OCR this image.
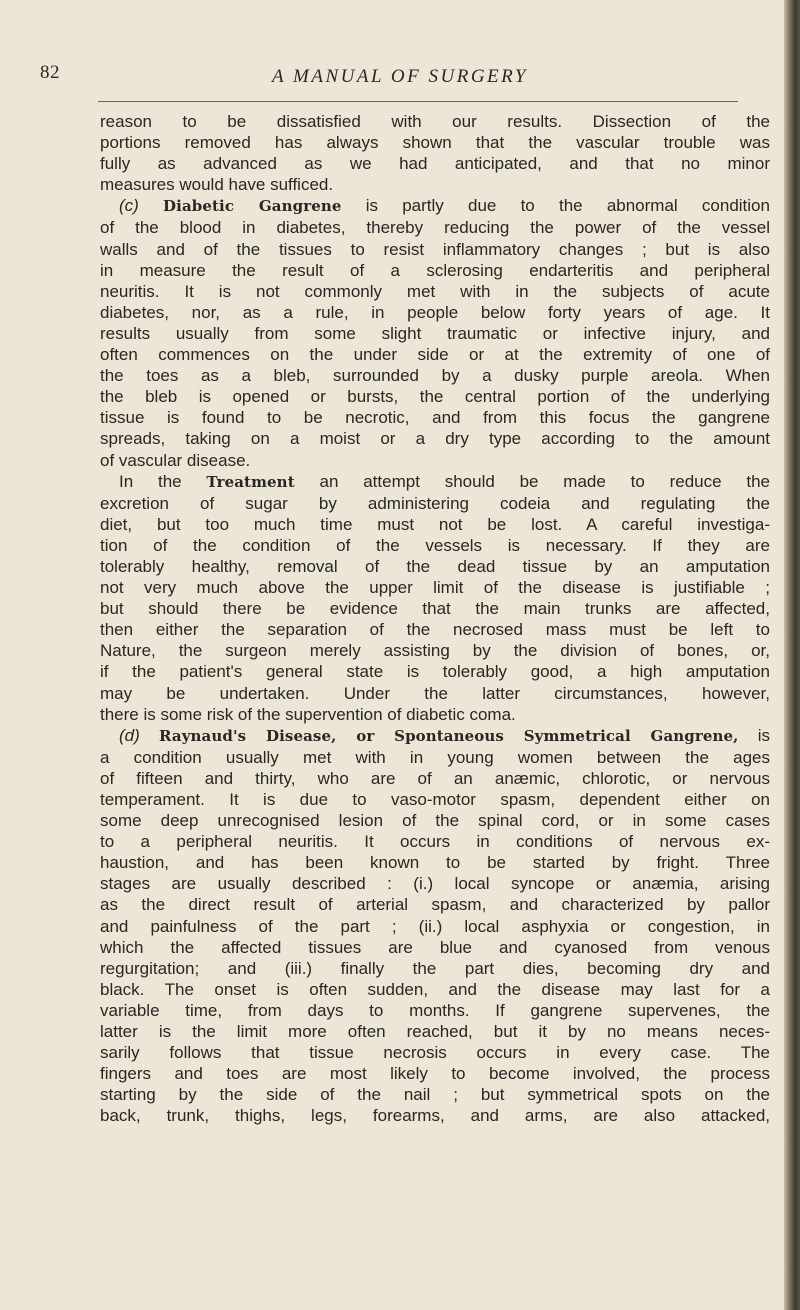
82	A MANUAL OF SURGERY
reason to be dissatisfied with our results. Dissection of the
portions removed has always shown that the vascular trouble was
fully as advanced as we had anticipated, and that no minor
measures would have sufficed.
(c) Diabetic Gangrene is partly due to the abnormal condition
of the blood in diabetes, thereby reducing the power of the vessel
walls and of the tissues to resist inflammatory changes ; but is also
in measure the result of a sclerosing endarteritis and peripheral
neuritis. It is not commonly met with in the subjects of acute
diabetes, nor, as a rule, in people below forty years of age. It
results usually from some slight traumatic or infective injury, and
often commences on the under side or at the extremity of one of
the toes as a bleb, surrounded by a dusky purple areola. When
the bleb is opened or bursts, the central portion of the underlying
tissue is found to be necrotic, and from this focus the gangrene
spreads, taking on a moist or a dry type according to the amount
of vascular disease.
In the Treatment an attempt should be made to reduce the
excretion of sugar by administering codeia and regulating the
diet, but too much time must not be lost. A careful investiga-
tion of the condition of the vessels is necessary. If they are
tolerably healthy, removal of the dead tissue by an amputation
not very much above the upper limit of the disease is justifiable ;
but should there be evidence that the main trunks are affected,
then either the separation of the necrosed mass must be left to
Nature, the surgeon merely assisting by the division of bones, or,
if the patient's general state is tolerably good, a high amputation
may be undertaken. Under the latter circumstances, however,
there is some risk of the supervention of diabetic coma.
(d) Raynaud's Disease, or Spontaneous Symmetrical Gangrene, is
a condition usually met with in young women between the ages
of fifteen and thirty, who are of an anæmic, chlorotic, or nervous
temperament. It is due to vaso-motor spasm, dependent either on
some deep unrecognised lesion of the spinal cord, or in some cases
to a peripheral neuritis. It occurs in conditions of nervous ex-
haustion, and has been known to be started by fright. Three
stages are usually described : (i.) local syncope or anæmia, arising
as the direct result of arterial spasm, and characterized by pallor
and painfulness of the part ; (ii.) local asphyxia or congestion, in
which the affected tissues are blue and cyanosed from venous
regurgitation; and (iii.) finally the part dies, becoming dry and
black. The onset is often sudden, and the disease may last for a
variable time, from days to months. If gangrene supervenes, the
latter is the limit more often reached, but it by no means neces-
sarily follows that tissue necrosis occurs in every case. The
fingers and toes are most likely to become involved, the process
starting by the side of the nail ; but symmetrical spots on the
back, trunk, thighs, legs, forearms, and arms, are also attacked,
